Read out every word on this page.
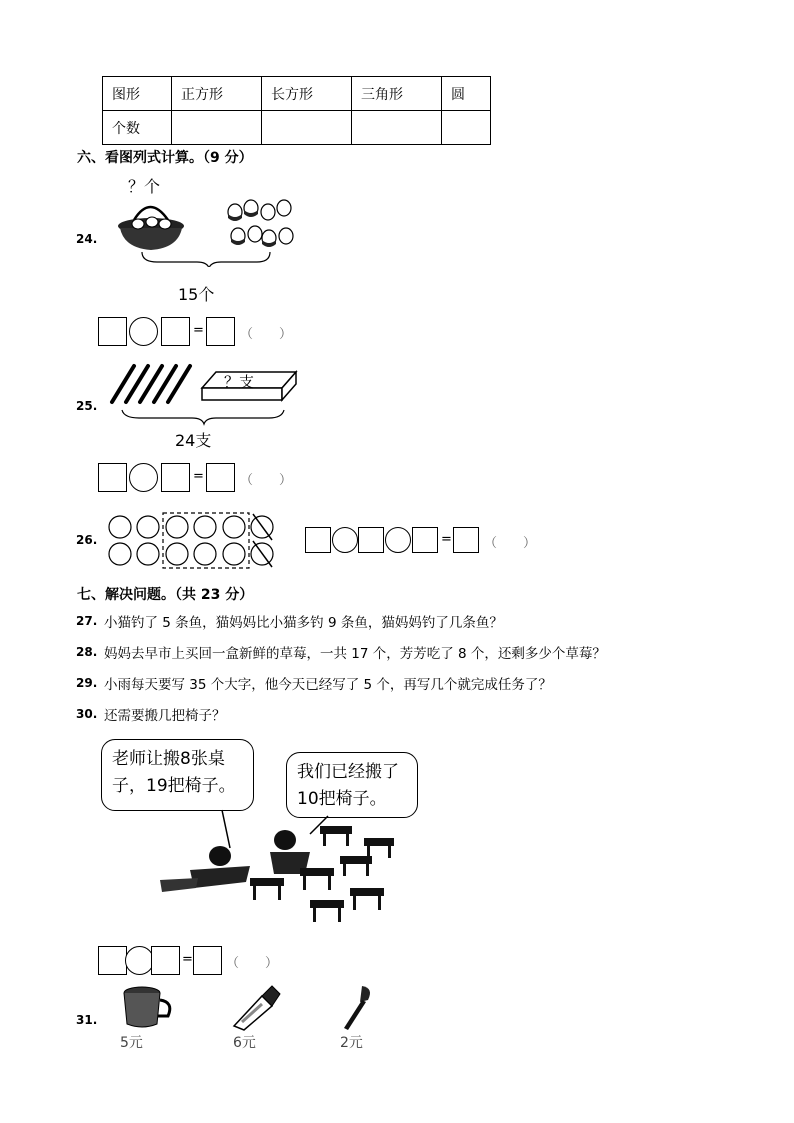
图形	正方形	长方形	三角形	圆
个数				
六、看图列式计算。（9 分）
24.
？个
15个
=	（　　）
25.
？支
24支
=	（　　）
26.	= （　　）
七、解决问题。（共 23 分）
27. 小猫钓了 5 条鱼，猫妈妈比小猫多钓 9 条鱼，猫妈妈钓了几条鱼？
28. 妈妈去早市上买回一盒新鲜的草莓，一共 17 个，芳芳吃了 8 个，还剩多少个草莓？
29. 小雨每天要写 35 个大字，他今天已经写了 5 个，再写几个就完成任务了？
30. 还需要搬几把椅子？
老师让搬8张桌
子，19把椅子。
我们已经搬了
10把椅子。
=	（　　）
31.
5元	6元	2元
